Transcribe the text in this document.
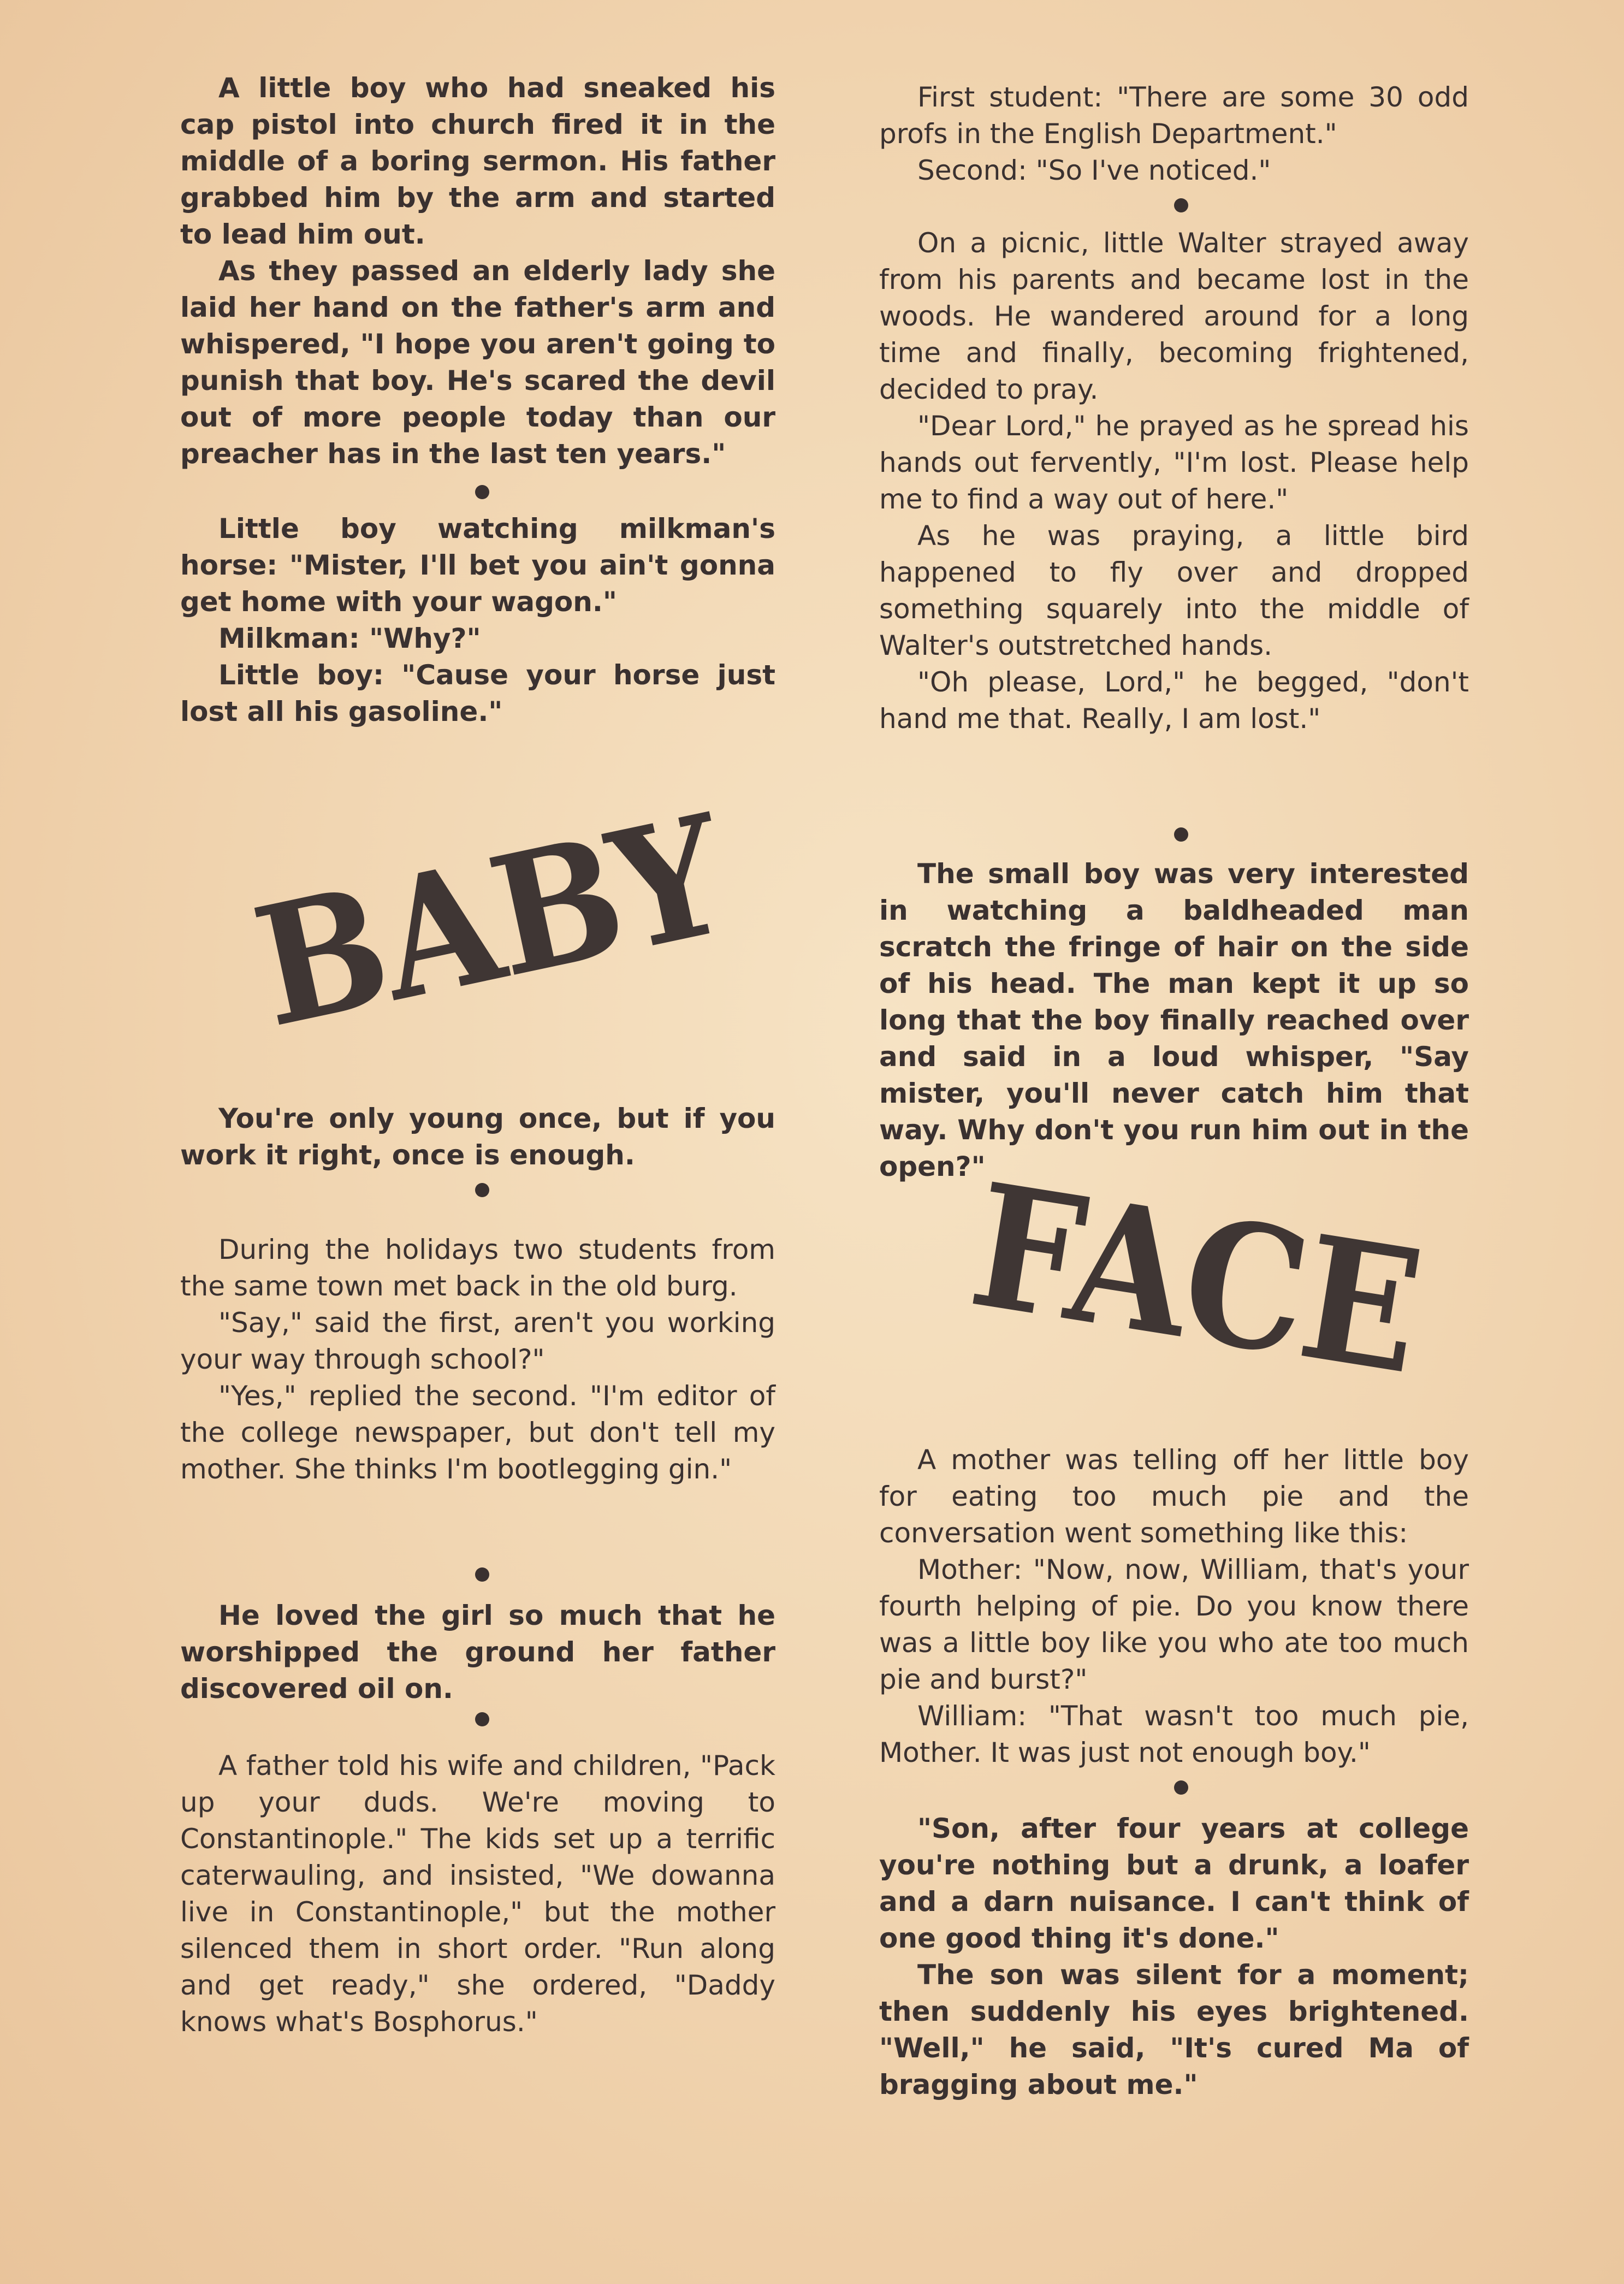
A little boy who had sneaked his cap pistol into church fired it in the middle of a boring sermon. His father grabbed him by the arm and started to lead him out.

As they passed an elderly lady she laid her hand on the father's arm and whispered, "I hope you aren't going to punish that boy. He's scared the devil out of more people today than our preacher has in the last ten years."

Little boy watching milkman's horse: "Mister, I'll bet you ain't gonna get home with your wagon."

Milkman: "Why?"

Little boy: "Cause your horse just lost all his gasoline."

You're only young once, but if you work it right, once is enough.

During the holidays two students from the same town met back in the old burg.

"Say," said the first, aren't you working your way through school?"

"Yes," replied the second. "I'm editor of the college newspaper, but don't tell my mother. She thinks I'm bootlegging gin."

He loved the girl so much that he worshipped the ground her father discovered oil on.

A father told his wife and children, "Pack up your duds. We're moving to Constantinople." The kids set up a terrific caterwauling, and insisted, "We dowanna live in Constantinople," but the mother silenced them in short order. "Run along and get ready," she ordered, "Daddy knows what's Bosphorus."

BABY

First student: "There are some 30 odd profs in the English Department."

Second: "So I've noticed."

On a picnic, little Walter strayed away from his parents and became lost in the woods. He wandered around for a long time and finally, becoming frightened, decided to pray.

"Dear Lord," he prayed as he spread his hands out fervently, "I'm lost. Please help me to find a way out of here."

As he was praying, a little bird happened to fly over and dropped something squarely into the middle of Walter's outstretched hands.

"Oh please, Lord," he begged, "don't hand me that. Really, I am lost."

The small boy was very interested in watching a baldheaded man scratch the fringe of hair on the side of his head. The man kept it up so long that the boy finally reached over and said in a loud whisper, "Say mister, you'll never catch him that way. Why don't you run him out in the open?"

A mother was telling off her little boy for eating too much pie and the conversation went something like this:

Mother: "Now, now, William, that's your fourth helping of pie. Do you know there was a little boy like you who ate too much pie and burst?"

William: "That wasn't too much pie, Mother. It was just not enough boy."

"Son, after four years at college you're nothing but a drunk, a loafer and a darn nuisance. I can't think of one good thing it's done."

The son was silent for a moment; then suddenly his eyes brightened. "Well," he said, "It's cured Ma of bragging about me."

FACE
